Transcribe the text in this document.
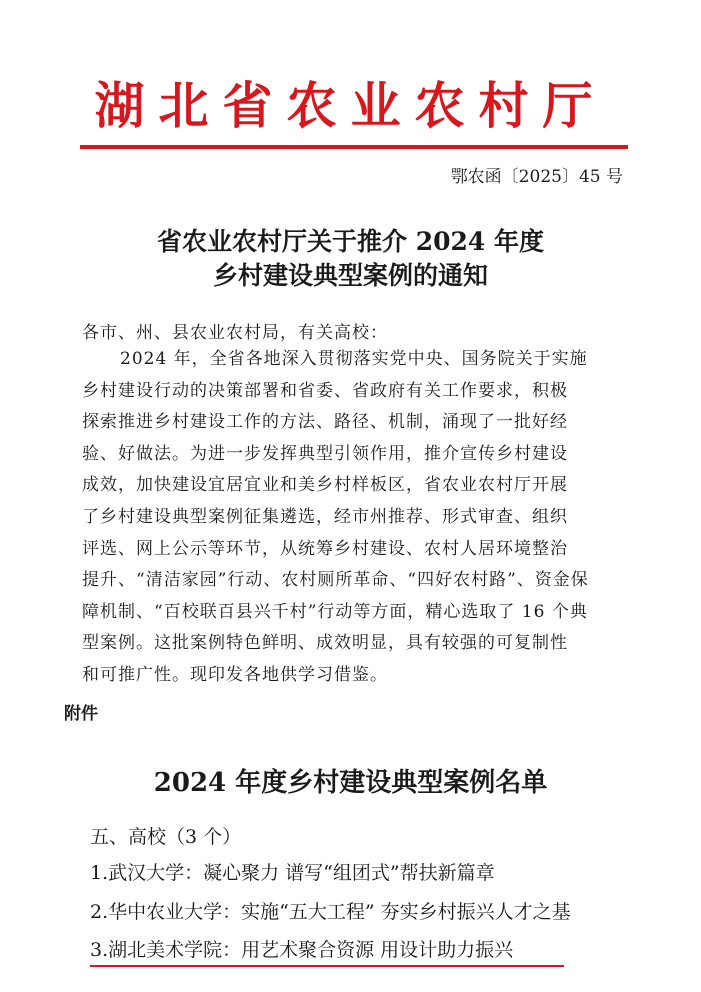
湖北省农业农村厅
鄂农函〔2025〕45 号
省农业农村厅关于推介 2024 年度
乡村建设典型案例的通知
各市、州、县农业农村局，有关高校：
2024 年，全省各地深入贯彻落实党中央、国务院关于实施
乡村建设行动的决策部署和省委、省政府有关工作要求，积极
探索推进乡村建设工作的方法、路径、机制，涌现了一批好经
验、好做法。为进一步发挥典型引领作用，推介宣传乡村建设
成效，加快建设宜居宜业和美乡村样板区，省农业农村厅开展
了乡村建设典型案例征集遴选，经市州推荐、形式审查、组织
评选、网上公示等环节，从统筹乡村建设、农村人居环境整治
提升、“清洁家园”行动、农村厕所革命、“四好农村路”、资金保
障机制、“百校联百县兴千村”行动等方面，精心选取了 16 个典
型案例。这批案例特色鲜明、成效明显，具有较强的可复制性
和可推广性。现印发各地供学习借鉴。
附件
2024 年度乡村建设典型案例名单
五、高校（3 个）
1.武汉大学：凝心聚力 谱写“组团式”帮扶新篇章
2.华中农业大学：实施“五大工程” 夯实乡村振兴人才之基
3.湖北美术学院：用艺术聚合资源 用设计助力振兴
